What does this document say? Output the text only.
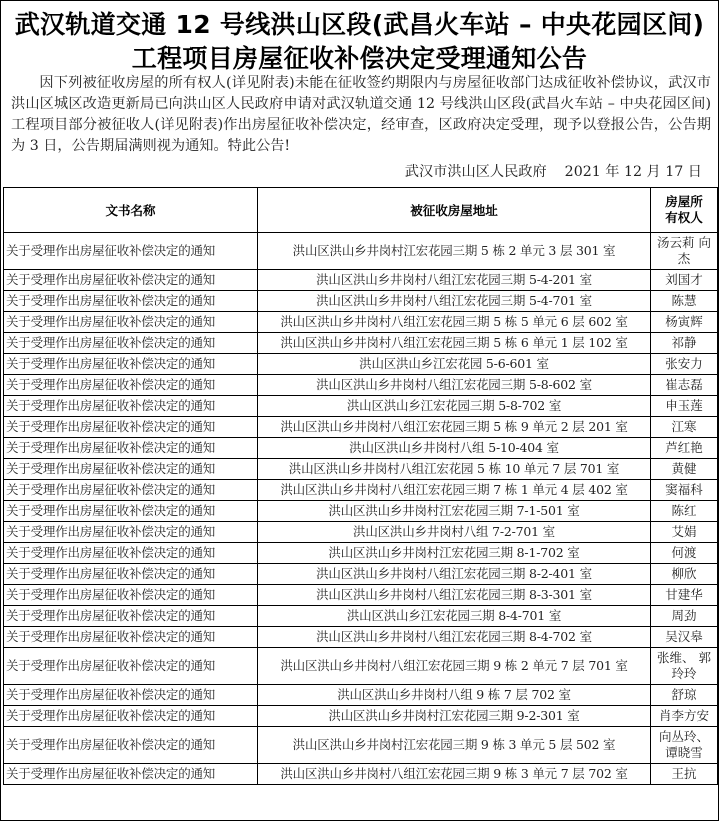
武汉轨道交通 12 号线洪山区段(武昌火车站 – 中央花园区间)
工程项目房屋征收补偿决定受理通知公告
因下列被征收房屋的所有权人(详见附表)未能在征收签约期限内与房屋征收部门达成征收补偿协议，武汉市洪山区城区改造更新局已向洪山区人民政府申请对武汉轨道交通 12 号线洪山区段(武昌火车站 – 中央花园区间)工程项目部分被征收人(详见附表)作出房屋征收补偿决定，经审查，区政府决定受理，现予以登报公告，公告期为 3 日，公告期届满则视为通知。特此公告!
武汉市洪山区人民政府 2021 年 12 月 17 日
文书名称	被征收房屋地址	房屋所有权人
关于受理作出房屋征收补偿决定的通知	洪山区洪山乡井岗村江宏花园三期 5 栋 2 单元 3 层 301 室	汤云莉 向杰
关于受理作出房屋征收补偿决定的通知	洪山区洪山乡井岗村八组江宏花园三期 5-4-201 室	刘国才
关于受理作出房屋征收补偿决定的通知	洪山区洪山乡井岗村八组江宏花园三期 5-4-701 室	陈慧
关于受理作出房屋征收补偿决定的通知	洪山区洪山乡井岗村八组江宏花园三期 5 栋 5 单元 6 层 602 室	杨寅辉
关于受理作出房屋征收补偿决定的通知	洪山区洪山乡井岗村八组江宏花园三期 5 栋 6 单元 1 层 102 室	祁静
关于受理作出房屋征收补偿决定的通知	洪山区洪山乡江宏花园 5-6-601 室	张安力
关于受理作出房屋征收补偿决定的通知	洪山区洪山乡井岗村八组江宏花园三期 5-8-602 室	崔志磊
关于受理作出房屋征收补偿决定的通知	洪山区洪山乡江宏花园三期 5-8-702 室	申玉莲
关于受理作出房屋征收补偿决定的通知	洪山区洪山乡井岗村八组江宏花园三期 5 栋 9 单元 2 层 201 室	江寒
关于受理作出房屋征收补偿决定的通知	洪山区洪山乡井岗村八组 5-10-404 室	芦红艳
关于受理作出房屋征收补偿决定的通知	洪山区洪山乡井岗村八组江宏花园 5 栋 10 单元 7 层 701 室	黄健
关于受理作出房屋征收补偿决定的通知	洪山区洪山乡井岗村八组江宏花园三期 7 栋 1 单元 4 层 402 室	窦福科
关于受理作出房屋征收补偿决定的通知	洪山区洪山乡井岗村江宏花园三期 7-1-501 室	陈红
关于受理作出房屋征收补偿决定的通知	洪山区洪山乡井岗村八组 7-2-701 室	艾娟
关于受理作出房屋征收补偿决定的通知	洪山区洪山乡井岗村江宏花园三期 8-1-702 室	何渡
关于受理作出房屋征收补偿决定的通知	洪山区洪山乡井岗村八组江宏花园三期 8-2-401 室	柳欣
关于受理作出房屋征收补偿决定的通知	洪山区洪山乡井岗村八组江宏花园三期 8-3-301 室	甘建华
关于受理作出房屋征收补偿决定的通知	洪山区洪山乡江宏花园三期 8-4-701 室	周劲
关于受理作出房屋征收补偿决定的通知	洪山区洪山乡井岗村八组江宏花园三期 8-4-702 室	吴汉皋
关于受理作出房屋征收补偿决定的通知	洪山区洪山乡井岗村八组江宏花园三期 9 栋 2 单元 7 层 701 室	张维、 郭玲玲
关于受理作出房屋征收补偿决定的通知	洪山区洪山乡井岗村八组 9 栋 7 层 702 室	舒琼
关于受理作出房屋征收补偿决定的通知	洪山区洪山乡井岗村江宏花园三期 9-2-301 室	肖李方安
关于受理作出房屋征收补偿决定的通知	洪山区洪山乡井岗村江宏花园三期 9 栋 3 单元 5 层 502 室	向丛玲、 谭晓雪
关于受理作出房屋征收补偿决定的通知	洪山区洪山乡井岗村八组江宏花园三期 9 栋 3 单元 7 层 702 室	王抗
